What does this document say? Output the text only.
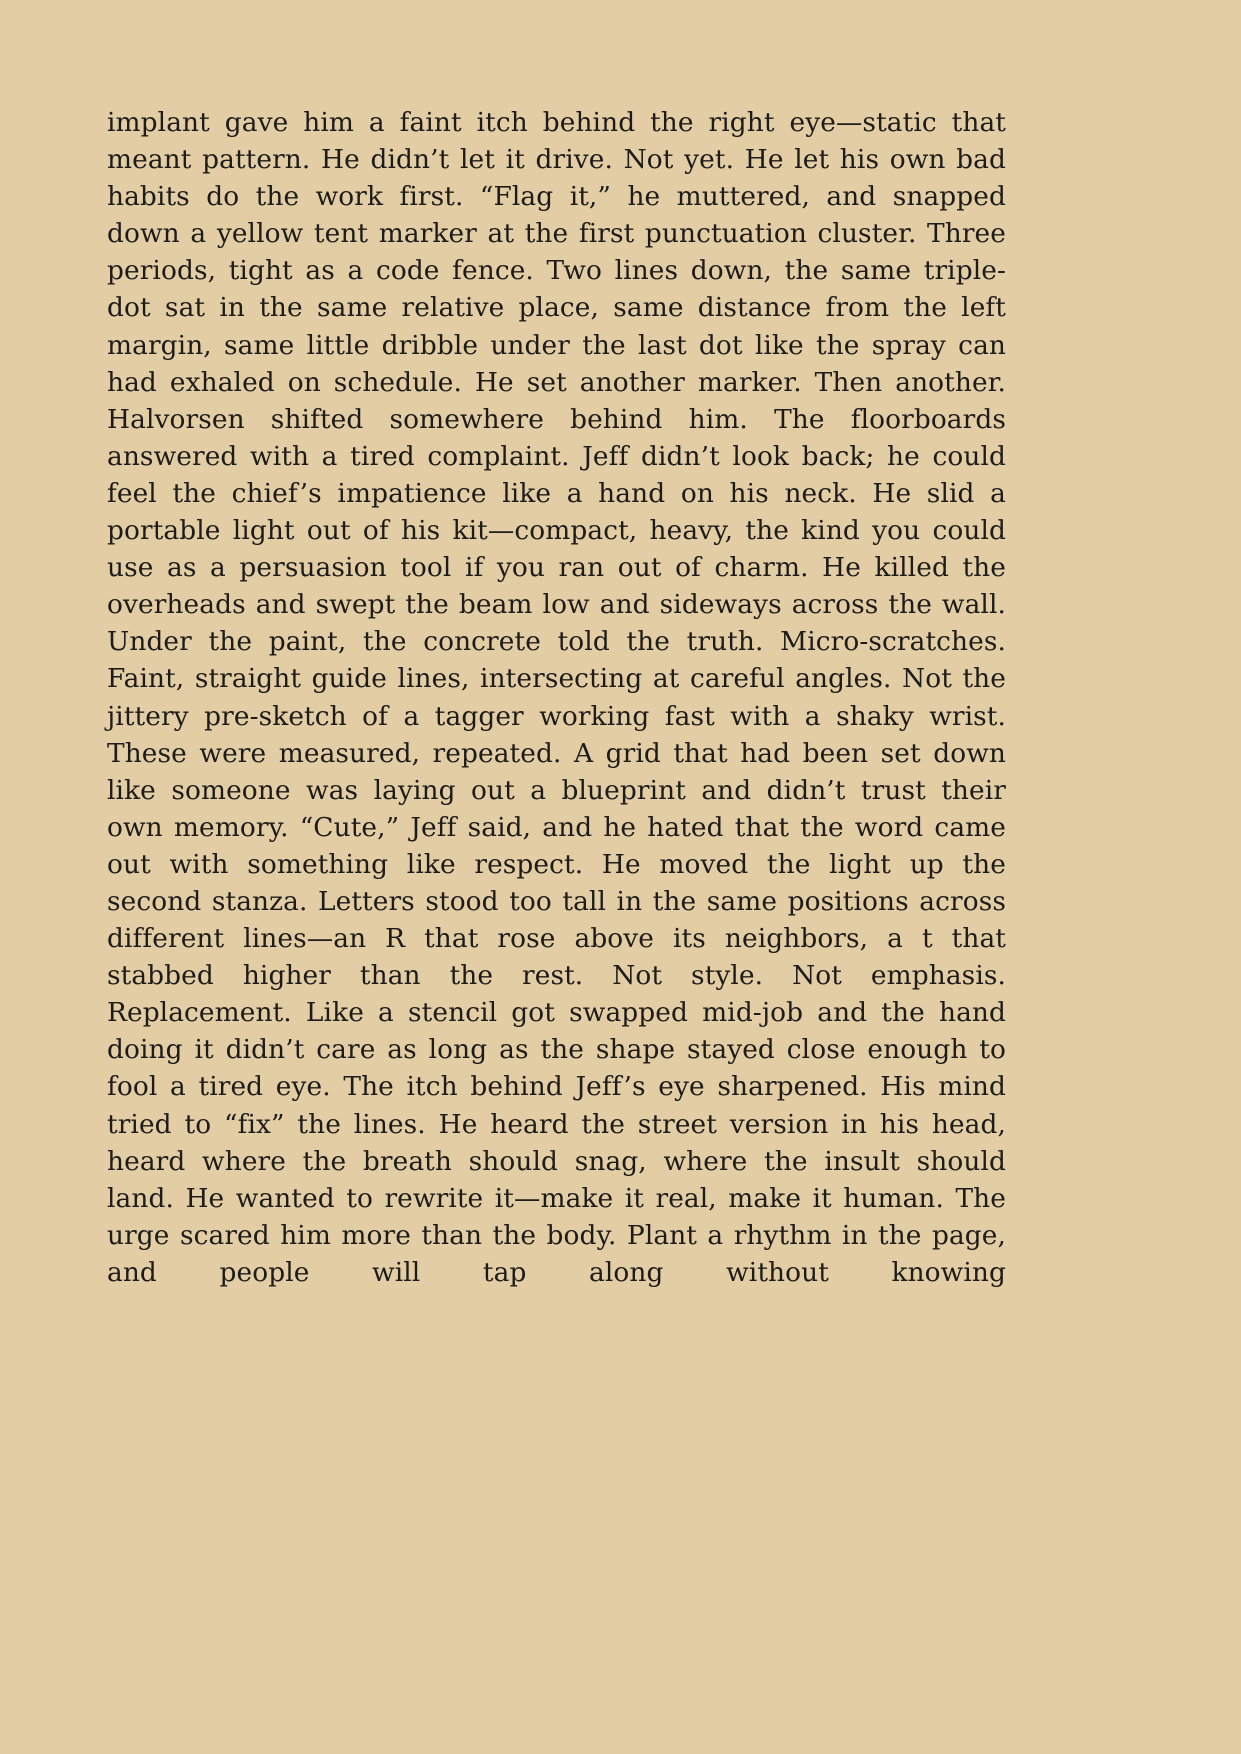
implant gave him a faint itch behind the right eye—static that meant pattern. He didn’t let it drive. Not yet. He let his own bad habits do the work first. “Flag it,” he muttered, and snapped down a yellow tent marker at the first punctuation cluster. Three periods, tight as a code fence. Two lines down, the same triple-dot sat in the same relative place, same distance from the left margin, same little dribble under the last dot like the spray can had exhaled on schedule. He set another marker. Then another. Halvorsen shifted somewhere behind him. The floorboards answered with a tired complaint. Jeff didn’t look back; he could feel the chief’s impatience like a hand on his neck. He slid a portable light out of his kit—compact, heavy, the kind you could use as a persuasion tool if you ran out of charm. He killed the overheads and swept the beam low and sideways across the wall. Under the paint, the concrete told the truth. Micro-scratches. Faint, straight guide lines, intersecting at careful angles. Not the jittery pre-sketch of a tagger working fast with a shaky wrist. These were measured, repeated. A grid that had been set down like someone was laying out a blueprint and didn’t trust their own memory. “Cute,” Jeff said, and he hated that the word came out with something like respect. He moved the light up the second stanza. Letters stood too tall in the same positions across different lines—an R that rose above its neighbors, a t that stabbed higher than the rest. Not style. Not emphasis. Replacement. Like a stencil got swapped mid-job and the hand doing it didn’t care as long as the shape stayed close enough to fool a tired eye. The itch behind Jeff’s eye sharpened. His mind tried to “fix” the lines. He heard the street version in his head, heard where the breath should snag, where the insult should land. He wanted to rewrite it—make it real, make it human. The urge scared him more than the body. Plant a rhythm in the page, and people will tap along without knowing
